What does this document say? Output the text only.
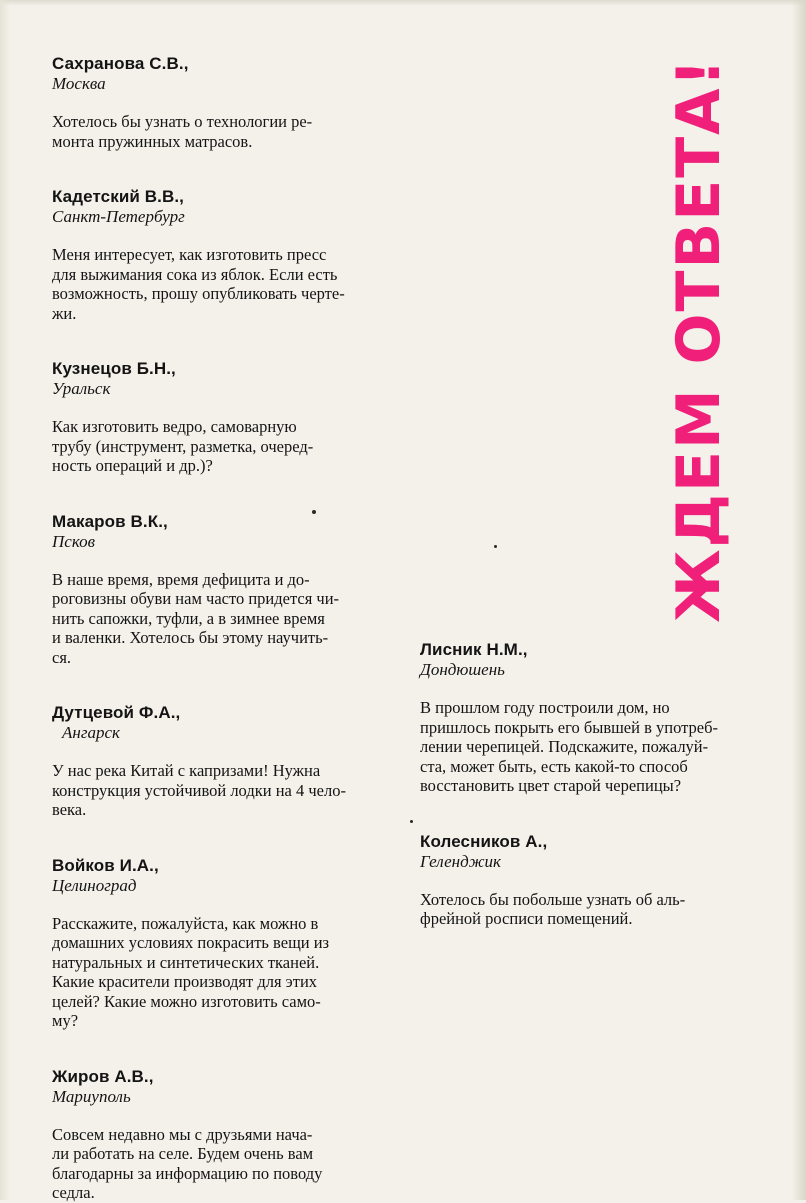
ЖДЕМ ОТВЕТА!

Сахранова С.В.,

Москва

Хотелось бы узнать о технологии ре-
монта пружинных матрасов.

Кадетский В.В.,

Санкт-Петербург

Меня интересует, как изготовить пресс
для выжимания сока из яблок. Если есть
возможность, прошу опубликовать черте-
жи.

Кузнецов Б.Н.,

Уральск

Как изготовить ведро, самоварную
трубу (инструмент, разметка, очеред-
ность операций и др.)?

Макаров В.К.,

Псков

В наше время, время дефицита и до-
роговизны обуви нам часто придется чи-
нить сапожки, туфли, а в зимнее время
и валенки. Хотелось бы этому научить-
ся.

Дутцевой Ф.А.,

Ангарск

У нас река Китай с капризами! Нужна
конструкция устойчивой лодки на 4 чело-
века.

Войков И.А.,

Целиноград

Расскажите, пожалуйста, как можно в
домашних условиях покрасить вещи из
натуральных и синтетических тканей.
Какие красители производят для этих
целей? Какие можно изготовить само-
му?

Жиров А.В.,

Мариуполь

Совсем недавно мы с друзьями нача-
ли работать на селе. Будем очень вам
благодарны за информацию по поводу
седла.

Лисник Н.М.,

Дондюшень

В прошлом году построили дом, но
пришлось покрыть его бывшей в употреб-
лении черепицей. Подскажите, пожалуй-
ста, может быть, есть какой-то способ
восстановить цвет старой черепицы?

Колесников А.,

Геленджик

Хотелось бы побольше узнать об аль-
фрейной росписи помещений.
